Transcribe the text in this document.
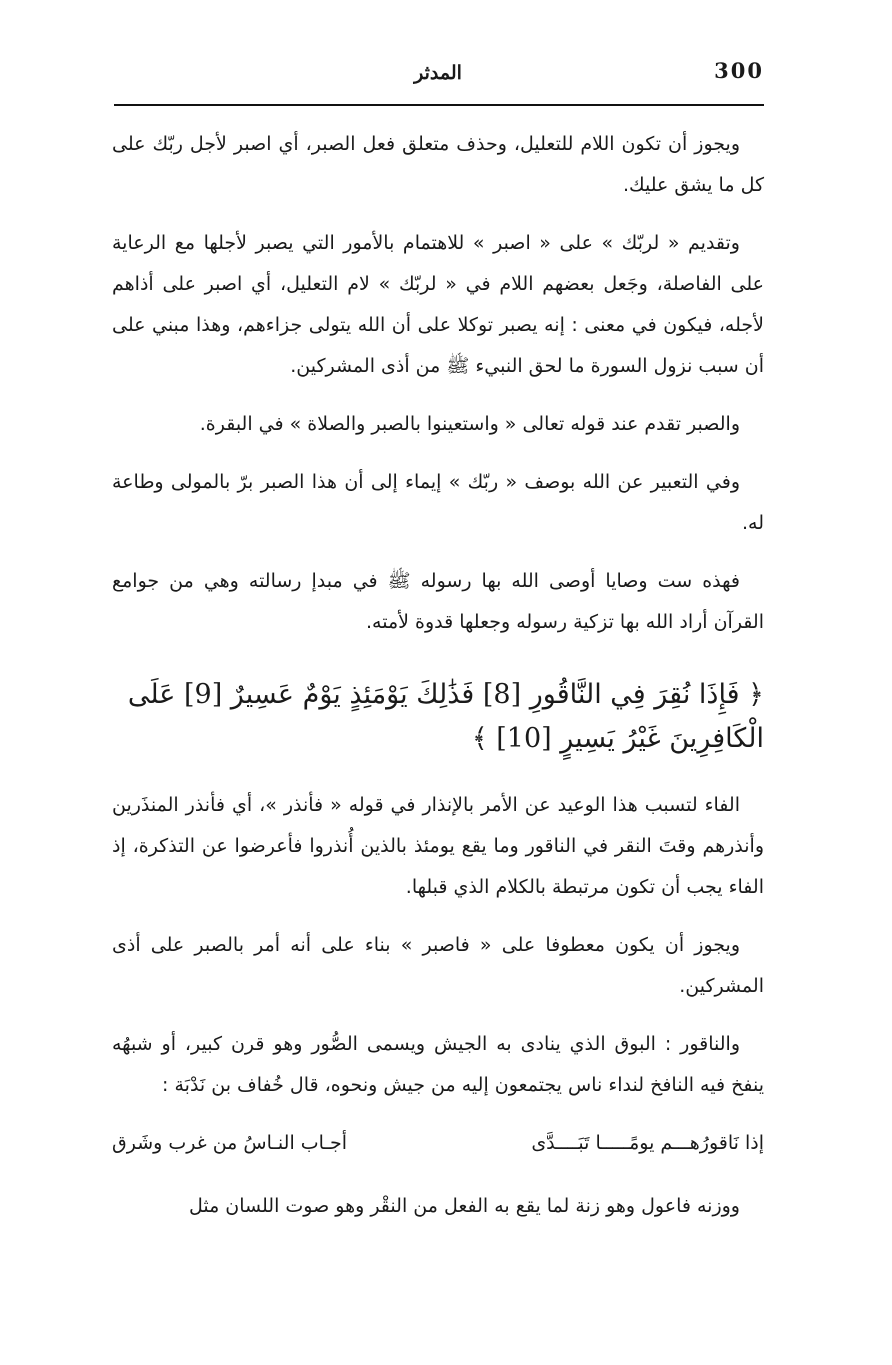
300
المدثر

ويجوز أن تكون اللام للتعليل، وحذف متعلق فعل الصبر، أي اصبر لأجل ربّك على كل ما يشق عليك.

وتقديم « لربّك » على « اصبر » للاهتمام بالأمور التي يصبر لأجلها مع الرعاية على الفاصلة، وجَعل بعضهم اللام في « لربّك » لام التعليل، أي اصبر على أذاهم لأجله، فيكون في معنى : إنه يصبر توكلا على أن الله يتولى جزاءهم، وهذا مبني على أن سبب نزول السورة ما لحق النبيء ﷺ من أذى المشركين.

والصبر تقدم عند قوله تعالى « واستعينوا بالصبر والصلاة » في البقرة.

وفي التعبير عن الله بوصف « ربّك » إيماء إلى أن هذا الصبر برّ بالمولى وطاعة له.

فهذه ست وصايا أوصى الله بها رسوله ﷺ في مبدإ رسالته وهي من جوامع القرآن أراد الله بها تزكية رسوله وجعلها قدوة لأمته.

﴿ فَإِذَا نُقِرَ فِي النَّاقُورِ [8] فَذَٰلِكَ يَوْمَئِذٍ يَوْمٌ عَسِيرٌ [9] عَلَى الْكَافِرِينَ غَيْرُ يَسِيرٍ [10] ﴾

الفاء لتسبب هذا الوعيد عن الأمر بالإنذار في قوله « فأنذر »، أي فأنذر المنذَرين وأنذرهم وقتَ النقر في الناقور وما يقع يومئذ بالذين أُنذروا فأعرضوا عن التذكرة، إذ الفاء يجب أن تكون مرتبطة بالكلام الذي قبلها.

ويجوز أن يكون معطوفا على « فاصبر » بناء على أنه أمر بالصبر على أذى المشركين.

والناقور : البوق الذي ينادى به الجيش ويسمى الصُّور وهو قرن كبير، أو شبهُه ينفخ فيه النافخ لنداء ناس يجتمعون إليه من جيش ونحوه، قال خُفاف بن نَدْبَة :

إذا نَاقورُهـــم يومًـــــا تَبَــــدَّى
أجـاب النـاسُ من غرب وشَرق

ووزنه فاعول وهو زنة لما يقع به الفعل من النقْر وهو صوت اللسان مثل
